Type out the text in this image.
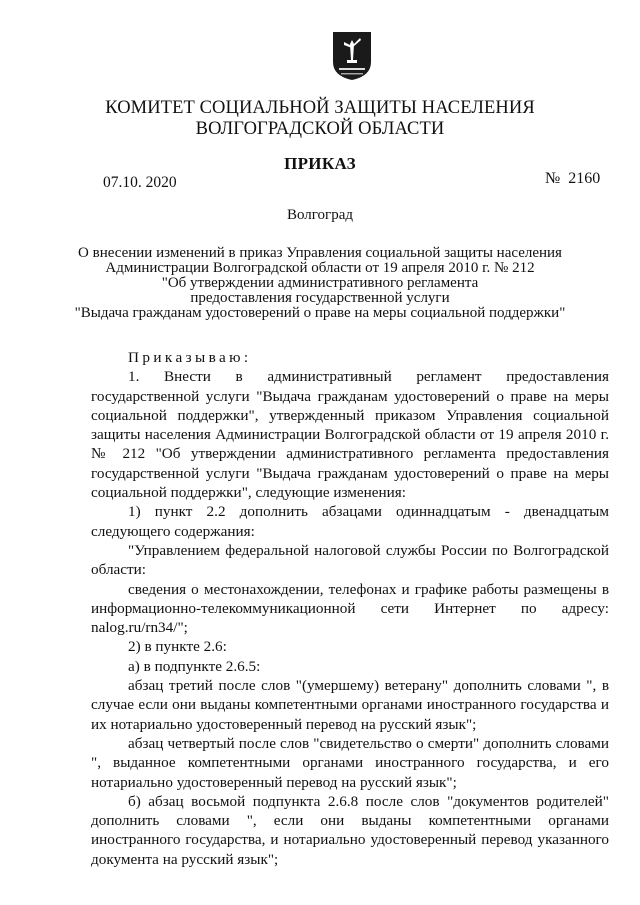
КОМИТЕТ СОЦИАЛЬНОЙ ЗАЩИТЫ НАСЕЛЕНИЯ
ВОЛГОГРАДСКОЙ ОБЛАСТИ
ПРИКАЗ
07.10. 2020	№ 2160
Волгоград
О внесении изменений в приказ Управления социальной защиты населения
Администрации Волгоградской области от 19 апреля 2010 г. № 212
"Об утверждении административного регламента
предоставления государственной услуги
"Выдача гражданам удостоверений о праве на меры социальной поддержки"

Приказываю:

1. Внести в административный регламент предоставления государственной услуги "Выдача гражданам удостоверений о праве на меры социальной поддержки", утвержденный приказом Управления социальной защиты населения Администрации Волгоградской области от 19 апреля 2010 г. № 212 "Об утверждении административного регламента предоставления государственной услуги "Выдача гражданам удостоверений о праве на меры социальной поддержки", следующие изменения:

1) пункт 2.2 дополнить абзацами одиннадцатым - двенадцатым следующего содержания:

"Управлением федеральной налоговой службы России по Волгоградской области:

сведения о местонахождении, телефонах и графике работы размещены в информационно-телекоммуникационной сети Интернет по адресу: nalog.ru/rn34/";

2) в пункте 2.6:

а) в подпункте 2.6.5:

абзац третий после слов "(умершему) ветерану" дополнить словами ", в случае если они выданы компетентными органами иностранного государства и их нотариально удостоверенный перевод на русский язык";

абзац четвертый после слов "свидетельство о смерти" дополнить словами ", выданное компетентными органами иностранного государства, и его нотариально удостоверенный перевод на русский язык";

б) абзац восьмой подпункта 2.6.8 после слов "документов родителей" дополнить словами ", если они выданы компетентными органами иностранного государства, и нотариально удостоверенный перевод указанного документа на русский язык";
